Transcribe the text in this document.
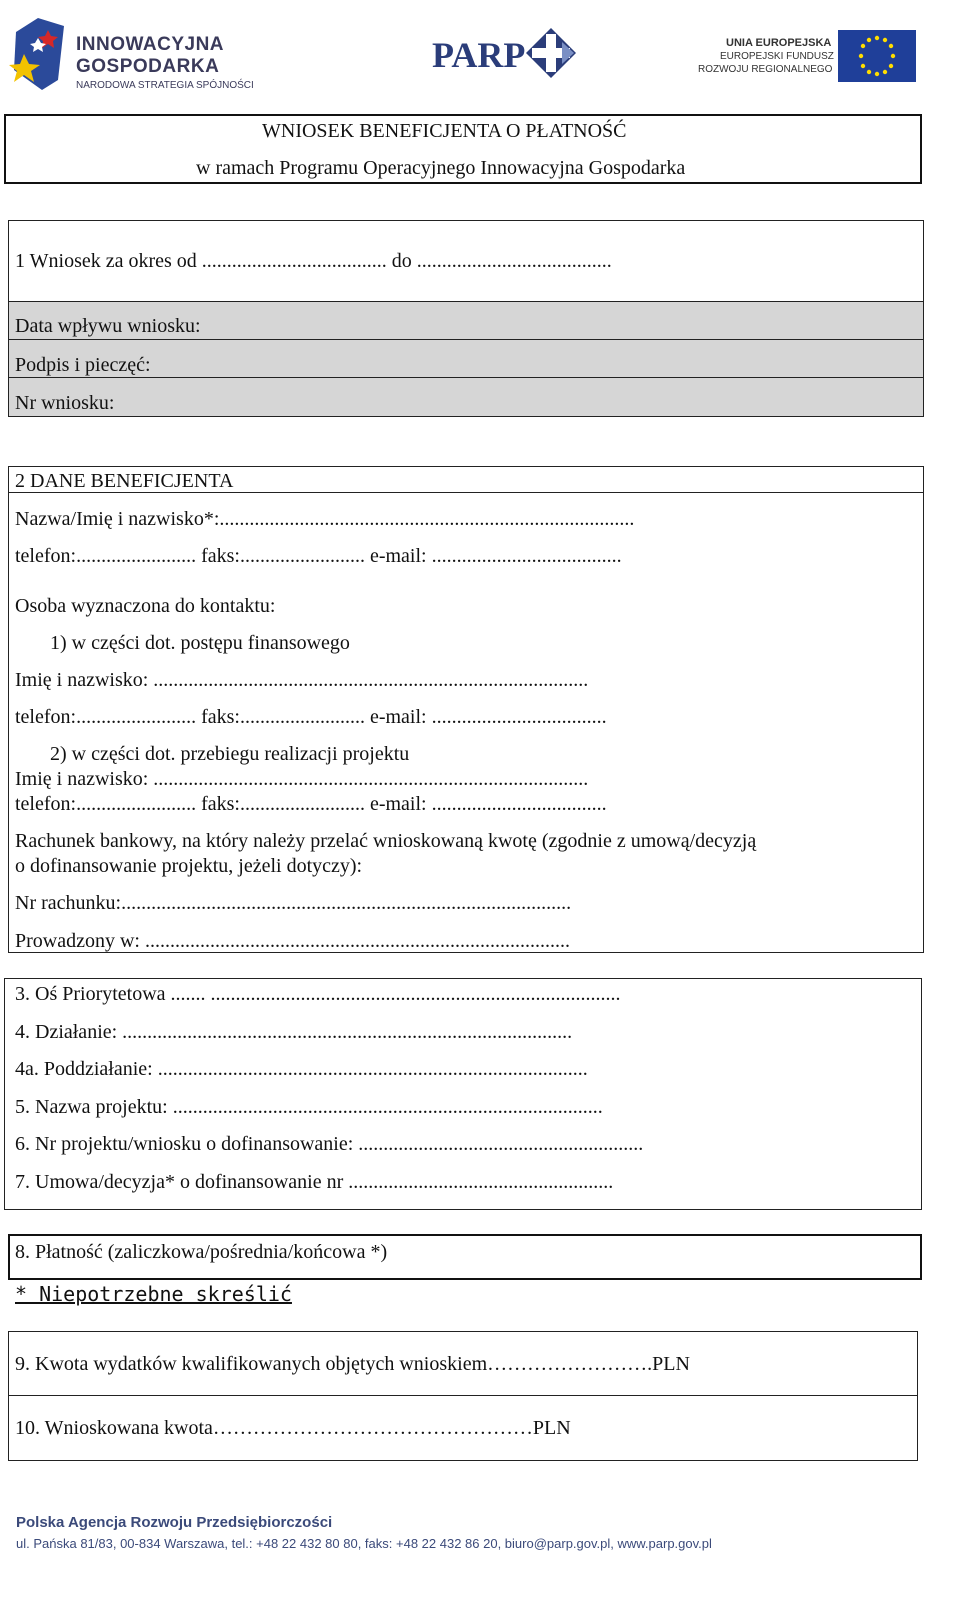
INNOWACYJNA
GOSPODARKA
NARODOWA STRATEGIA SPÓJNOŚCI
PARP	UNIA EUROPEJSKA
EUROPEJSKI FUNDUSZ
ROZWOJU REGIONALNEGO
WNIOSEK BENEFICJENTA O PŁATNOŚĆ
w ramach Programu Operacyjnego Innowacyjna Gospodarka
1 Wniosek za okres od ..................................... do .......................................
Data wpływu wniosku:
Podpis i pieczęć:
Nr wniosku:
2 DANE BENEFICJENTA
Nazwa/Imię i nazwisko*:...................................................................................
telefon:........................ faks:......................... e-mail: ......................................
Osoba wyznaczona do kontaktu:
1) w części dot. postępu finansowego
Imię i nazwisko: .......................................................................................
telefon:........................ faks:......................... e-mail: ...................................
2) w części dot. przebiegu realizacji projektu
Imię i nazwisko: .......................................................................................
telefon:........................ faks:......................... e-mail: ...................................
Rachunek bankowy, na który należy przelać wnioskowaną kwotę (zgodnie z umową/decyzją
o dofinansowanie projektu, jeżeli dotyczy):
Nr rachunku:..........................................................................................
Prowadzony w: .....................................................................................
3. Oś Priorytetowa ....... ..................................................................................
4. Działanie: ..........................................................................................
4a. Poddziałanie: ......................................................................................
5. Nazwa projektu: ......................................................................................
6. Nr projektu/wniosku o dofinansowanie: .........................................................
7. Umowa/decyzja* o dofinansowanie nr .....................................................
8. Płatność (zaliczkowa/pośrednia/końcowa *)
* Niepotrzebne skreślić
9. Kwota wydatków kwalifikowanych objętych wnioskiem…………………….PLN
10. Wnioskowana kwota…………………………………………PLN
Polska Agencja Rozwoju Przedsiębiorczości
ul. Pańska 81/83, 00-834 Warszawa, tel.: +48 22 432 80 80, faks: +48 22 432 86 20, biuro@parp.gov.pl, www.parp.gov.pl
